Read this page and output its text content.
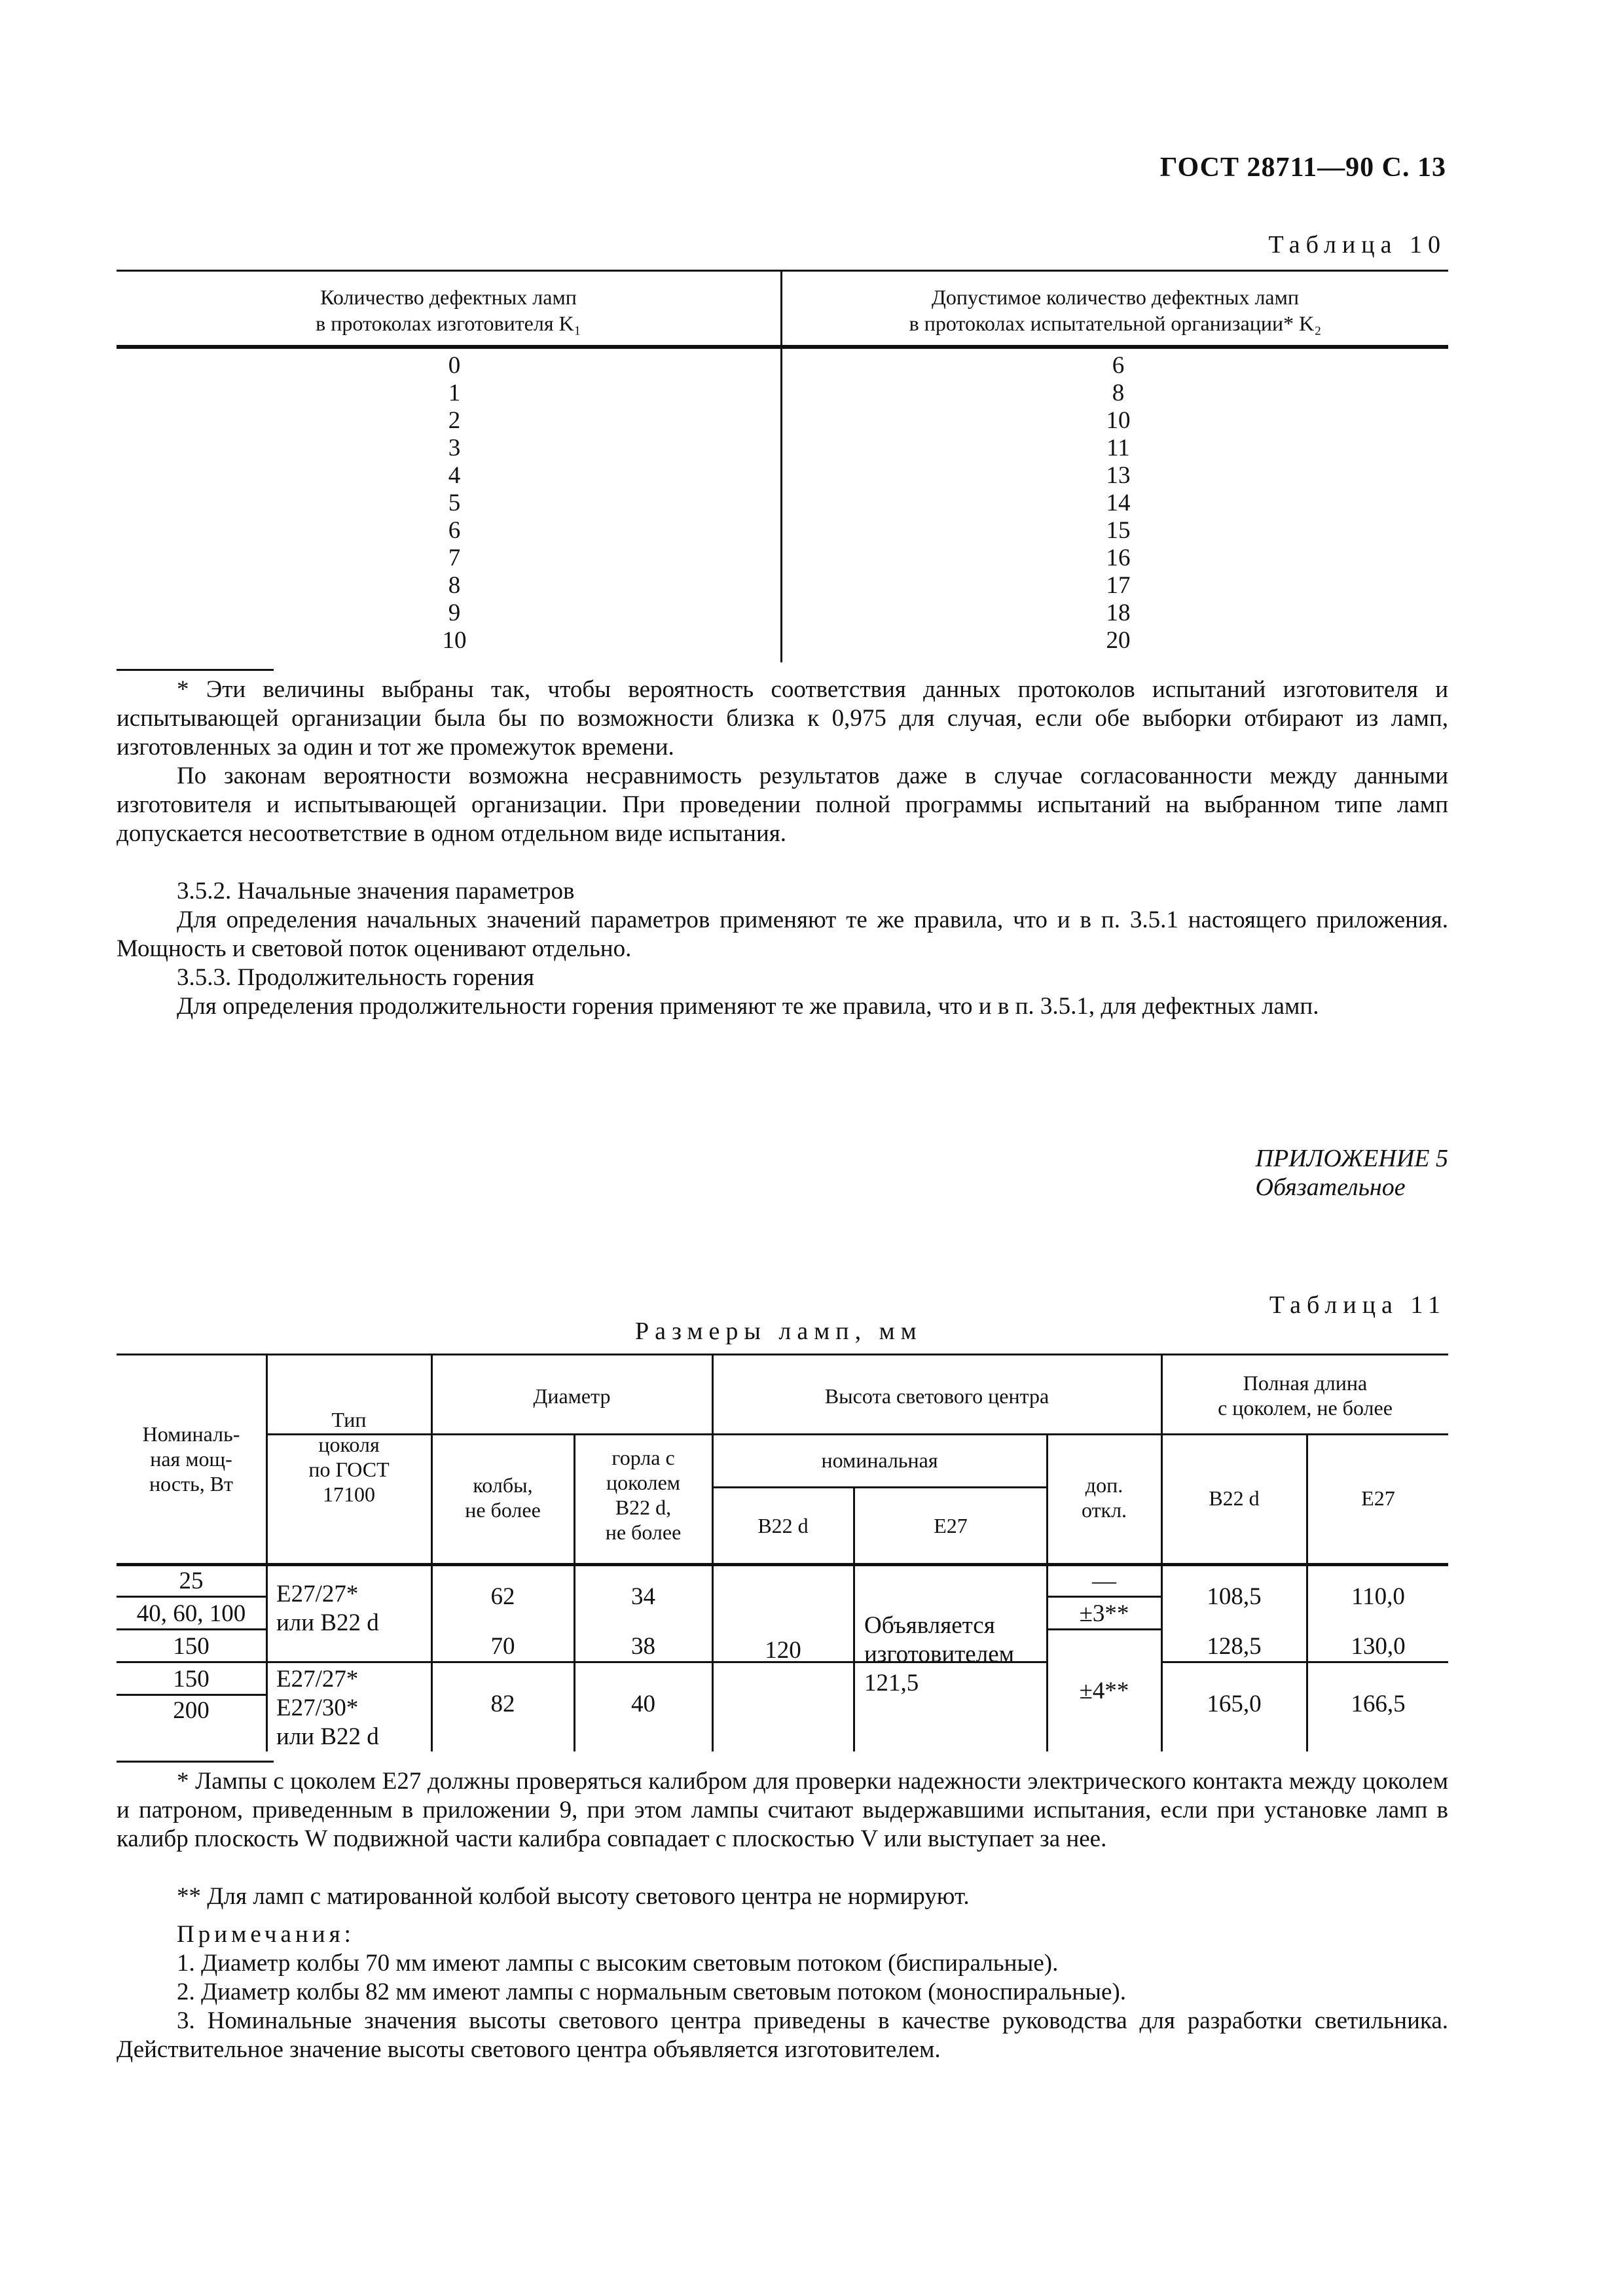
ГОСТ 28711—90 С. 13
Таблица 10
Количество дефектных ламп
в протоколах изготовителя K₁
Допустимое количество дефектных ламп
в протоколах испытательной организации* K₂
0
1
2
3
4
5
6
7
8
9
10
6
8
10
11
13
14
15
16
17
18
20
* Эти величины выбраны так, чтобы вероятность соответствия данных протоколов испытаний изготовителя и испытывающей организации была бы по возможности близка к 0,975 для случая, если обе выборки отбирают из ламп, изготовленных за один и тот же промежуток времени.
По законам вероятности возможна несравнимость результатов даже в случае согласованности между данными изготовителя и испытывающей организации. При проведении полной программы испытаний на выбранном типе ламп допускается несоответствие в одном отдельном виде испытания.
3.5.2. Начальные значения параметров
Для определения начальных значений параметров применяют те же правила, что и в п. 3.5.1 настоящего приложения. Мощность и световой поток оценивают отдельно.
3.5.3. Продолжительность горения
Для определения продолжительности горения применяют те же правила, что и в п. 3.5.1, для дефектных ламп.
ПРИЛОЖЕНИЕ 5
Обязательное
Таблица 11
Размеры ламп, мм
Номиналь-
ная мощ-
ность, Вт
Тип
цоколя
по ГОСТ
17100
Диаметр
колбы,
не более
горла с
цоколем
В22 d,
не более
Высота светового центра
номинальная
В22 d	Е27
доп.
откл.
Полная длина
с цоколем, не более
В22 d	Е27
25
40, 60, 100
150
150
200
Е27/27*
или В22 d
Е27/27*
Е27/30*
или В22 d
62
70
82
34
38
40
120
Объявляется
изготовителем
121,5
—
±3**
±4**
108,5
128,5
165,0
110,0
130,0
166,5
* Лампы с цоколем Е27 должны проверяться калибром для проверки надежности электрического контакта между цоколем и патроном, приведенным в приложении 9, при этом лампы считают выдержавшими испытания, если при установке ламп в калибр плоскость W подвижной части калибра совпадает с плоскостью V или выступает за нее.
** Для ламп с матированной колбой высоту светового центра не нормируют.
Примечания:
1. Диаметр колбы 70 мм имеют лампы с высоким световым потоком (биспиральные).
2. Диаметр колбы 82 мм имеют лампы с нормальным световым потоком (моноспиральные).
3. Номинальные значения высоты светового центра приведены в качестве руководства для разработки светильника. Действительное значение высоты светового центра объявляется изготовителем.
